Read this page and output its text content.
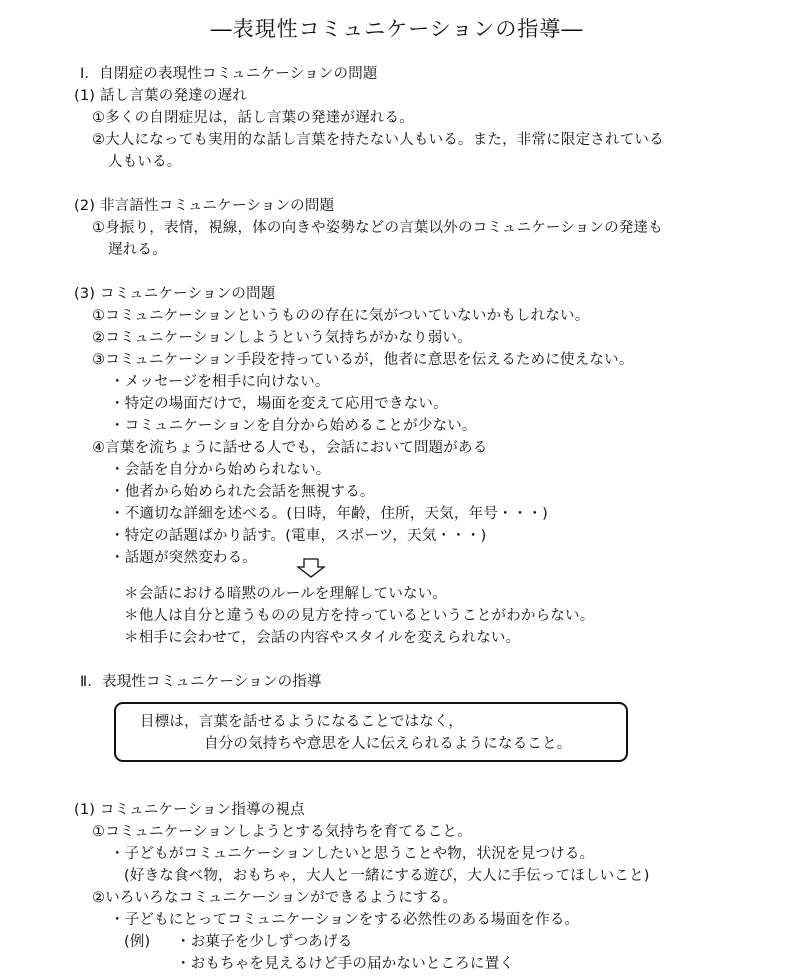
―表現性コミュニケーションの指導―
Ⅰ．自閉症の表現性コミュニケーションの問題
(1) 話し言葉の発達の遅れ
①多くの自閉症児は，話し言葉の発達が遅れる。
②大人になっても実用的な話し言葉を持たない人もいる。また，非常に限定されている
人もいる。
(2) 非言語性コミュニケーションの問題
①身振り，表情，視線，体の向きや姿勢などの言葉以外のコミュニケーションの発達も
遅れる。
(3) コミュニケーションの問題
①コミュニケーションというものの存在に気がついていないかもしれない。
②コミュニケーションしようという気持ちがかなり弱い。
③コミュニケーション手段を持っているが，他者に意思を伝えるために使えない。
・メッセージを相手に向けない。
・特定の場面だけで，場面を変えて応用できない。
・コミュニケーションを自分から始めることが少ない。
④言葉を流ちょうに話せる人でも，会話において問題がある
・会話を自分から始められない。
・他者から始められた会話を無視する。
・不適切な詳細を述べる。(日時，年齢，住所，天気，年号・・・)
・特定の話題ばかり話す。(電車，スポーツ，天気・・・)
・話題が突然変わる。
＊会話における暗黙のルールを理解していない。
＊他人は自分と違うものの見方を持っているということがわからない。
＊相手に会わせて，会話の内容やスタイルを変えられない。
Ⅱ．表現性コミュニケーションの指導
目標は，言葉を話せるようになることではなく，
自分の気持ちや意思を人に伝えられるようになること。
(1) コミュニケーション指導の視点
①コミュニケーションしようとする気持ちを育てること。
・子どもがコミュニケーションしたいと思うことや物，状況を見つける。
(好きな食べ物，おもちゃ，大人と一緒にする遊び，大人に手伝ってほしいこと)
②いろいろなコミュニケーションができるようにする。
・子どもにとってコミュニケーションをする必然性のある場面を作る。
(例) ・お菓子を少しずつあげる
・おもちゃを見えるけど手の届かないところに置く
